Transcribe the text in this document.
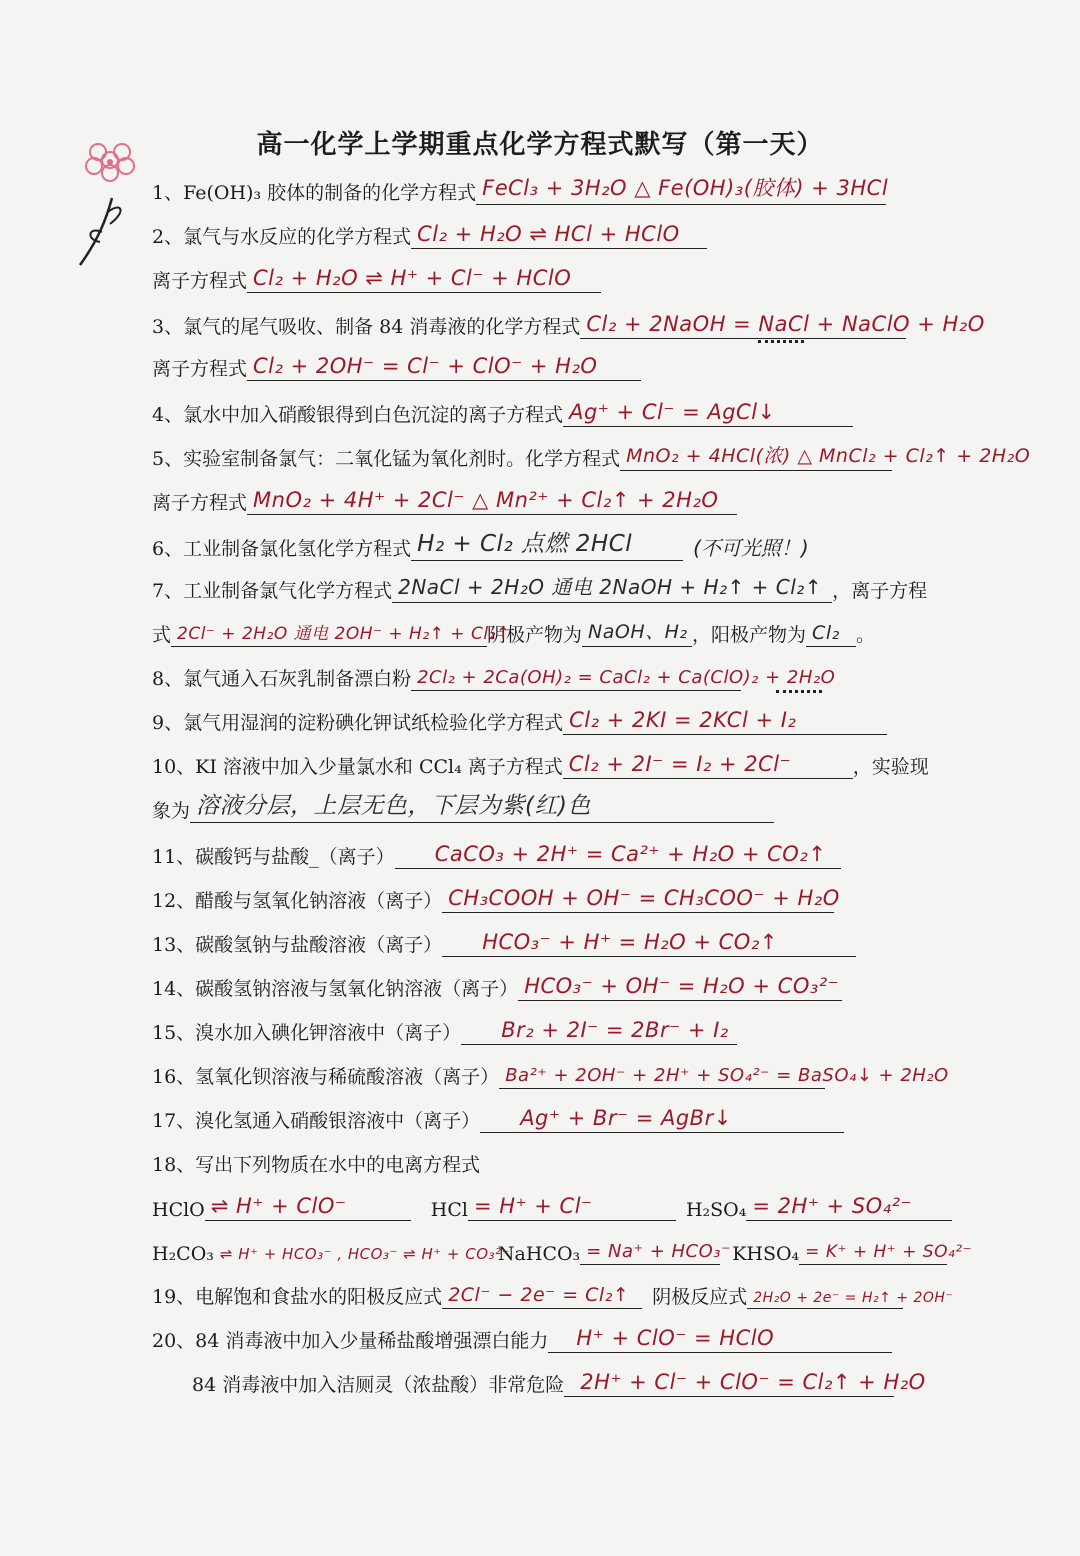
高一化学上学期重点化学方程式默写（第一天）
1、Fe(OH)₃ 胶体的制备的化学方程式 FeCl₃ + 3H₂O △ Fe(OH)₃(胶体) + 3HCl
2、氯气与水反应的化学方程式 Cl₂ + H₂O ⇌ HCl + HClO
离子方程式 Cl₂ + H₂O ⇌ H⁺ + Cl⁻ + HClO
3、氯气的尾气吸收、制备 84 消毒液的化学方程式 Cl₂ + 2NaOH = NaCl + NaClO + H₂O
离子方程式 Cl₂ + 2OH⁻ = Cl⁻ + ClO⁻ + H₂O
4、氯水中加入硝酸银得到白色沉淀的离子方程式 Ag⁺ + Cl⁻ = AgCl↓
5、实验室制备氯气：二氧化锰为氧化剂时。化学方程式 MnO₂ + 4HCl(浓) △ MnCl₂ + Cl₂↑ + 2H₂O
离子方程式 MnO₂ + 4H⁺ + 2Cl⁻ △ Mn²⁺ + Cl₂↑ + 2H₂O
6、工业制备氯化氢化学方程式 H₂ + Cl₂ 点燃 2HCl	(不可光照！)
7、工业制备氯气化学方程式 2NaCl + 2H₂O 通电 2NaOH + H₂↑ + Cl₂↑ ，离子方程
式 2Cl⁻ + 2H₂O 通电 2OH⁻ + H₂↑ + Cl₂↑
阴极产物为 NaOH、H₂ ，阳极产物为 Cl₂ 。
8、氯气通入石灰乳制备漂白粉 2Cl₂ + 2Ca(OH)₂ = CaCl₂ + Ca(ClO)₂ + 2H₂O
9、氯气用湿润的淀粉碘化钾试纸检验化学方程式 Cl₂ + 2KI = 2KCl + I₂
10、KI 溶液中加入少量氯水和 CCl₄ 离子方程式 Cl₂ + 2I⁻ = I₂ + 2Cl⁻	，实验现
象为 溶液分层，上层无色，下层为紫(红)色
11、碳酸钙与盐酸_（离子） CaCO₃ + 2H⁺ = Ca²⁺ + H₂O + CO₂↑
12、醋酸与氢氧化钠溶液（离子） CH₃COOH + OH⁻ = CH₃COO⁻ + H₂O
13、碳酸氢钠与盐酸溶液（离子） HCO₃⁻ + H⁺ = H₂O + CO₂↑
14、碳酸氢钠溶液与氢氧化钠溶液（离子） HCO₃⁻ + OH⁻ = H₂O + CO₃²⁻
15、溴水加入碘化钾溶液中（离子） Br₂ + 2I⁻ = 2Br⁻ + I₂
16、氢氧化钡溶液与稀硫酸溶液（离子） Ba²⁺ + 2OH⁻ + 2H⁺ + SO₄²⁻ = BaSO₄↓ + 2H₂O
17、溴化氢通入硝酸银溶液中（离子） Ag⁺ + Br⁻ = AgBr↓
18、写出下列物质在水中的电离方程式
HClO ⇌ H⁺ + ClO⁻	HCl = H⁺ + Cl⁻	H₂SO₄ = 2H⁺ + SO₄²⁻
H₂CO₃ ⇌ H⁺ + HCO₃⁻ , HCO₃⁻ ⇌ H⁺ + CO₃²⁻
NaHCO₃ = Na⁺ + HCO₃⁻ KHSO₄ = K⁺ + H⁺ + SO₄²⁻
19、电解饱和食盐水的阳极反应式 2Cl⁻ − 2e⁻ = Cl₂↑ 阴极反应式 2H₂O + 2e⁻ = H₂↑ + 2OH⁻
20、84 消毒液中加入少量稀盐酸增强漂白能力 H⁺ + ClO⁻ = HClO
84 消毒液中加入洁厕灵（浓盐酸）非常危险 2H⁺ + Cl⁻ + ClO⁻ = Cl₂↑ + H₂O
